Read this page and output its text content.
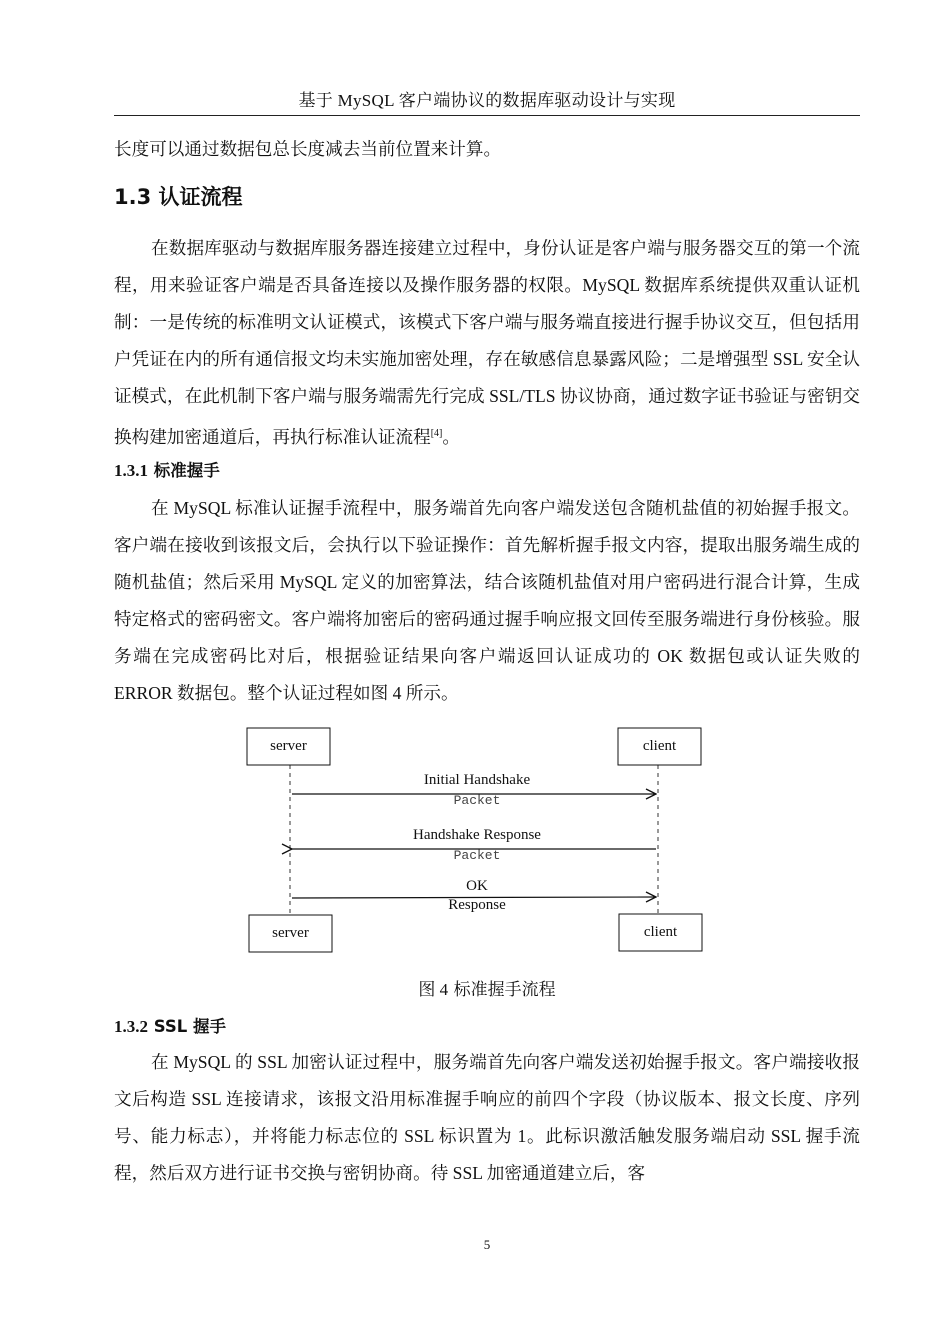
基于 MySQL 客户端协议的数据库驱动设计与实现

长度可以通过数据包总长度减去当前位置来计算。

1.3 认证流程

在数据库驱动与数据库服务器连接建立过程中，身份认证是客户端与服务器交互的第一个流程，用来验证客户端是否具备连接以及操作服务器的权限。MySQL 数据库系统提供双重认证机制：一是传统的标准明文认证模式，该模式下客户端与服务端直接进行握手协议交互，但包括用户凭证在内的所有通信报文均未实施加密处理，存在敏感信息暴露风险；二是增强型 SSL 安全认证模式，在此机制下客户端与服务端需先行完成 SSL/TLS 协议协商，通过数字证书验证与密钥交换构建加密通道后，再执行标准认证流程[4]。

1.3.1 标准握手

在 MySQL 标准认证握手流程中，服务端首先向客户端发送包含随机盐值的初始握手报文。客户端在接收到该报文后，会执行以下验证操作：首先解析握手报文内容，提取出服务端生成的随机盐值；然后采用 MySQL 定义的加密算法，结合该随机盐值对用户密码进行混合计算，生成特定格式的密码密文。客户端将加密后的密码通过握手响应报文回传至服务端进行身份核验。服务端在完成密码比对后，根据验证结果向客户端返回认证成功的 OK 数据包或认证失败的 ERROR 数据包。整个认证过程如图 4 所示。

server	client
Initial Handshake
Packet
Handshake Response
Packet
OK
Response
server	client
图 4 标准握手流程
1.3.2 SSL 握手

在 MySQL 的 SSL 加密认证过程中，服务端首先向客户端发送初始握手报文。客户端接收报文后构造 SSL 连接请求，该报文沿用标准握手响应的前四个字段（协议版本、报文长度、序列号、能力标志），并将能力标志位的 SSL 标识置为 1。此标识激活触发服务端启动 SSL 握手流程，然后双方进行证书交换与密钥协商。待 SSL 加密通道建立后，客

5
